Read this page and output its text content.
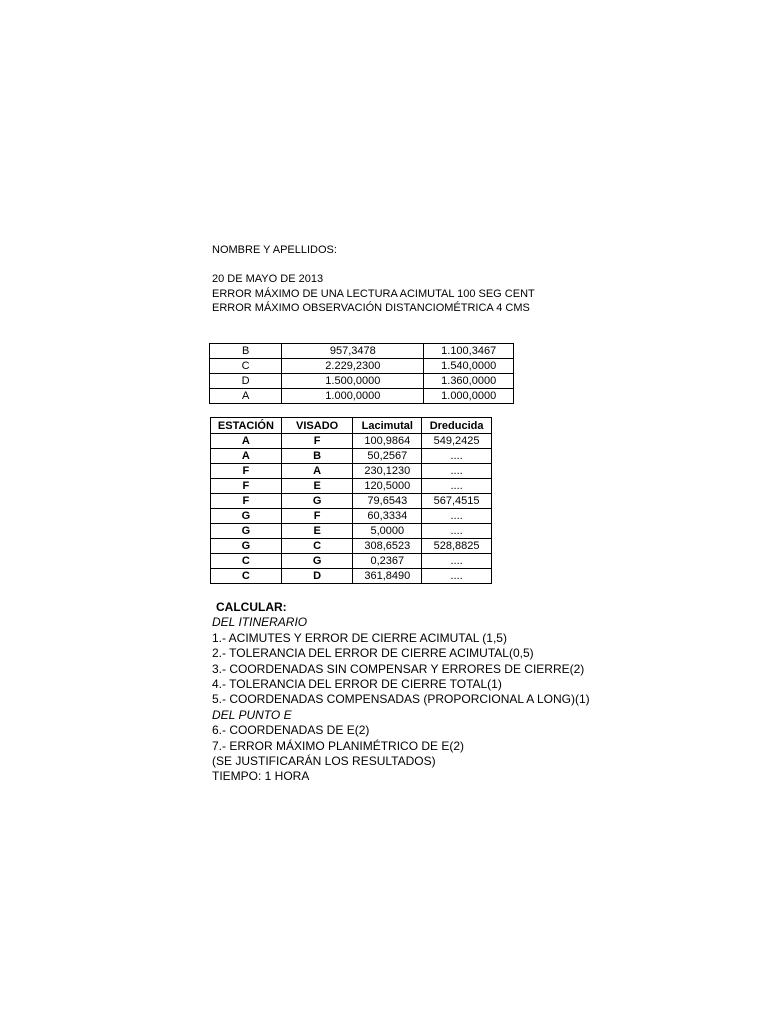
NOMBRE Y APELLIDOS:
20 DE MAYO DE 2013
ERROR MÁXIMO DE UNA LECTURA ACIMUTAL 100 SEG CENT
ERROR MÁXIMO OBSERVACIÓN DISTANCIOMÉTRICA 4 CMS
B	957,3478	1.100,3467
C	2.229,2300	1.540,0000
D	1.500,0000	1.360,0000
A	1.000,0000	1.000,0000
ESTACIÓN	VISADO	Lacimutal	Dreducida
A	F	100,9864	549,2425
A	B	50,2567	....
F	A	230,1230	....
F	E	120,5000	....
F	G	79,6543	567,4515
G	F	60,3334	....
G	E	5,0000	....
G	C	308,6523	528,8825
C	G	0,2367	....
C	D	361,8490	....
CALCULAR:
DEL ITINERARIO
1.- ACIMUTES Y ERROR DE CIERRE ACIMUTAL (1,5)
2.- TOLERANCIA DEL ERROR DE CIERRE ACIMUTAL(0,5)
3.- COORDENADAS SIN COMPENSAR Y ERRORES DE CIERRE(2)
4.- TOLERANCIA DEL ERROR DE CIERRE TOTAL(1)
5.- COORDENADAS COMPENSADAS (PROPORCIONAL A LONG)(1)
DEL PUNTO E
6.- COORDENADAS DE E(2)
7.- ERROR MÁXIMO PLANIMÉTRICO DE E(2)
(SE JUSTIFICARÁN LOS RESULTADOS)
TIEMPO: 1 HORA
